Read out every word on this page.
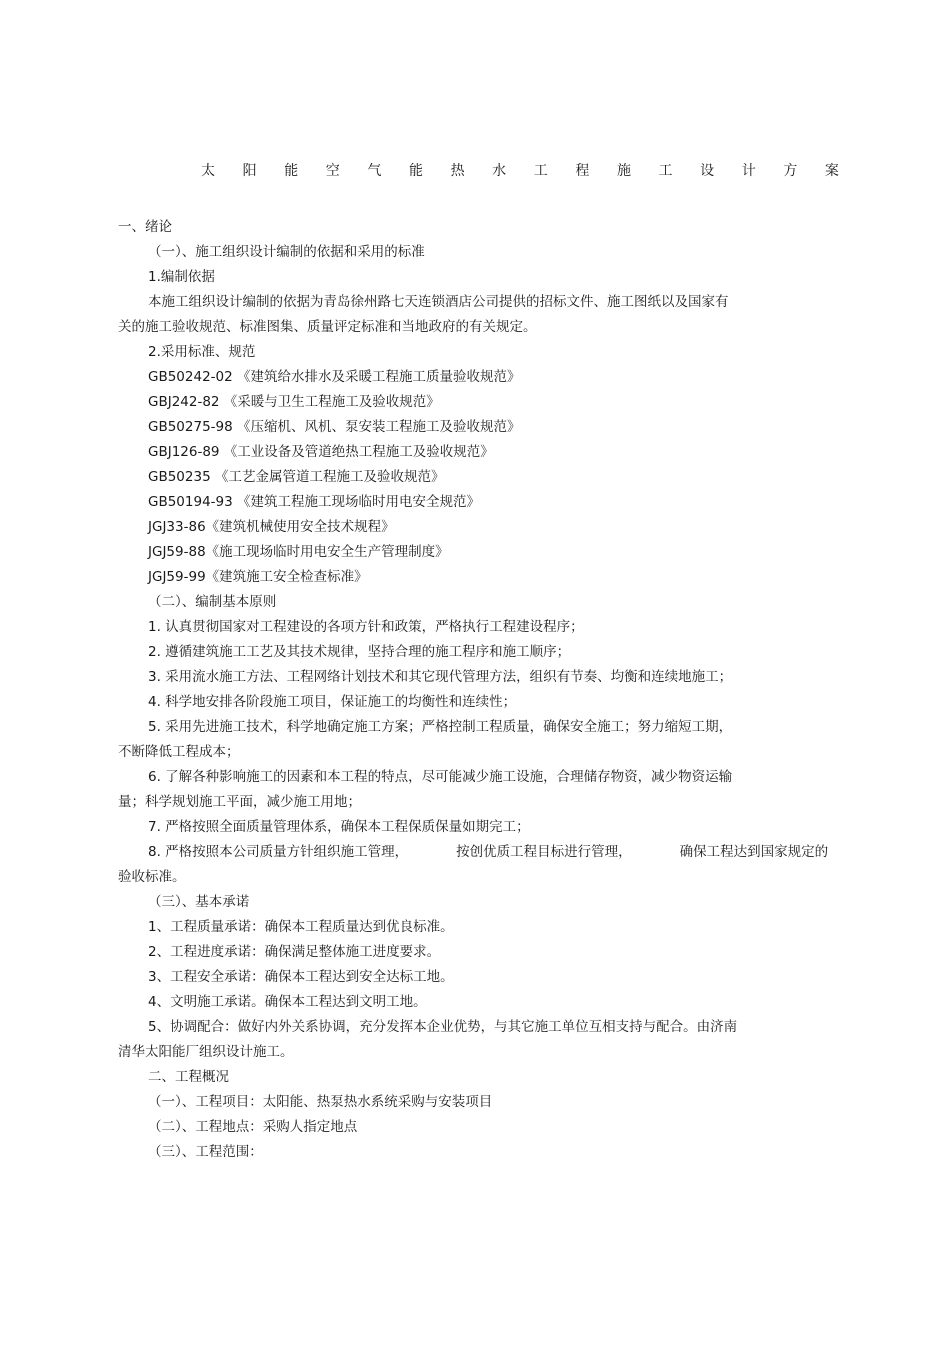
太 阳 能 空 气 能 热 水 工 程 施 工 设 计 方 案
一、绪论
（一）、施工组织设计编制的依据和采用的标准
1.编制依据
本施工组织设计编制的依据为青岛徐州路七天连锁酒店公司提供的招标文件、施工图纸以及国家有
关的施工验收规范、标准图集、质量评定标准和当地政府的有关规定。
2.采用标准、规范
GB50242-02 《建筑给水排水及采暖工程施工质量验收规范》
GBJ242-82 《采暖与卫生工程施工及验收规范》
GB50275-98 《压缩机、风机、泵安装工程施工及验收规范》
GBJ126-89 《工业设备及管道绝热工程施工及验收规范》
GB50235 《工艺金属管道工程施工及验收规范》
GB50194-93 《建筑工程施工现场临时用电安全规范》
JGJ33-86《建筑机械使用安全技术规程》
JGJ59-88《施工现场临时用电安全生产管理制度》
JGJ59-99《建筑施工安全检查标准》
（二）、编制基本原则
1. 认真贯彻国家对工程建设的各项方针和政策，严格执行工程建设程序；
2. 遵循建筑施工工艺及其技术规律，坚持合理的施工程序和施工顺序；
3. 采用流水施工方法、工程网络计划技术和其它现代管理方法，组织有节奏、均衡和连续地施工；
4. 科学地安排各阶段施工项目，保证施工的均衡性和连续性；
5. 采用先进施工技术，科学地确定施工方案；严格控制工程质量，确保安全施工；努力缩短工期，
不断降低工程成本；
6. 了解各种影响施工的因素和本工程的特点，尽可能减少施工设施，合理储存物资，减少物资运输
量；科学规划施工平面，减少施工用地；
7. 严格按照全面质量管理体系，确保本工程保质保量如期完工；
8. 严格按照本公司质量方针组织施工管理，	按创优质工程目标进行管理，	确保工程达到国家规定的
验收标准。
（三）、基本承诺
1、工程质量承诺：确保本工程质量达到优良标准。
2、工程进度承诺：确保满足整体施工进度要求。
3、工程安全承诺：确保本工程达到安全达标工地。
4、文明施工承诺。确保本工程达到文明工地。
5、协调配合：做好内外关系协调，充分发挥本企业优势，与其它施工单位互相支持与配合。由济南
清华太阳能厂组织设计施工。
二、工程概况
（一）、工程项目：太阳能、热泵热水系统采购与安装项目
（二）、工程地点：采购人指定地点
（三）、工程范围：
